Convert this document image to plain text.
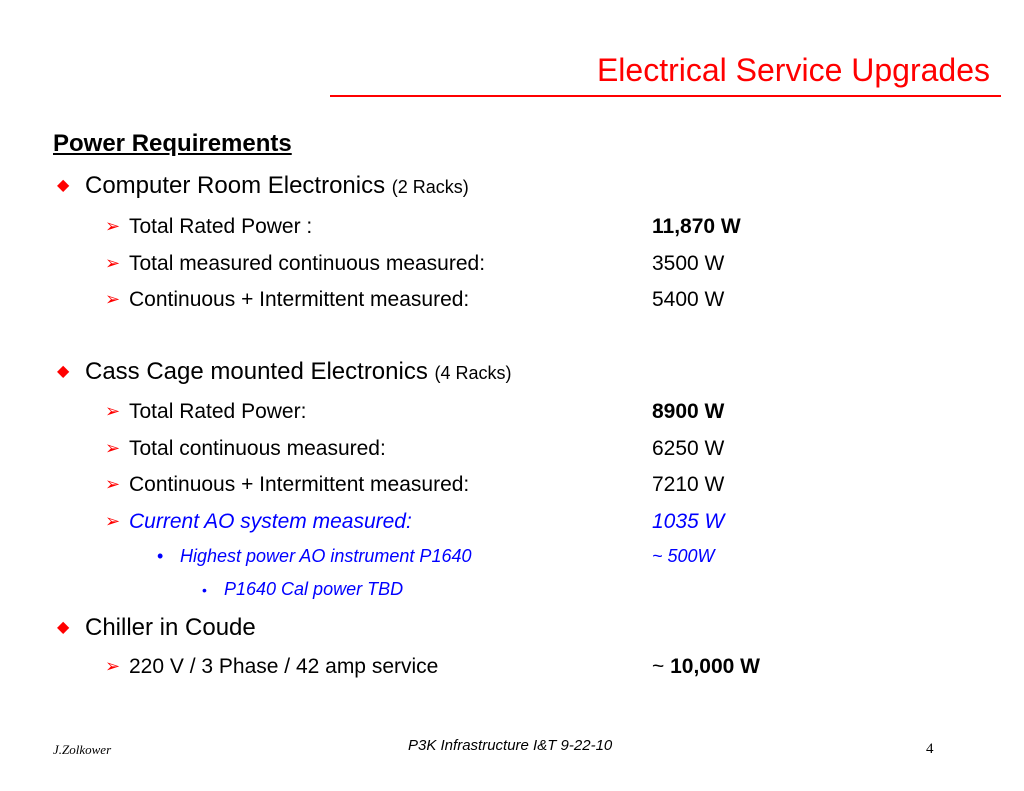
Electrical Service Upgrades
Power Requirements
◆ Computer Room Electronics (2 Racks)
➢ Total Rated Power :	11,870 W
➢ Total measured continuous measured:	3500 W
➢ Continuous + Intermittent measured:	5400 W
◆ Cass Cage mounted Electronics (4 Racks)
➢ Total Rated Power:	8900 W
➢ Total continuous measured:	6250 W
➢ Continuous + Intermittent measured:	7210 W
➢ Current AO system measured:	1035 W
• Highest power AO instrument P1640	~ 500W
• P1640 Cal power TBD
◆ Chiller in Coude
➢ 220 V / 3 Phase / 42 amp service	~ 10,000 W
J.Zolkower	P3K Infrastructure I&T 9-22-10	4
